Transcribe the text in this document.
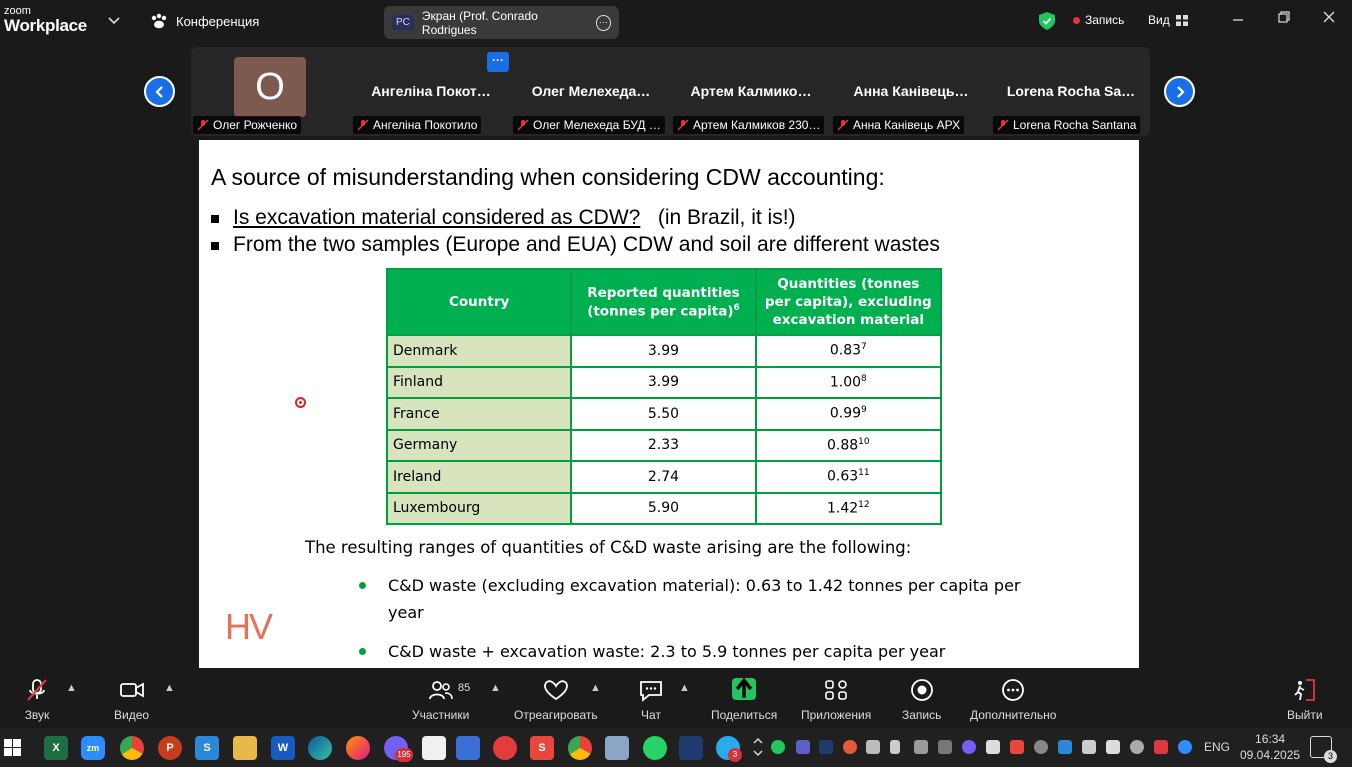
zoom
Workplace	Конференция	PC	Экран (Prof. Conrado Rodrigues
···	Запись Вид
···
О
Олег Рожченко
Ангеліна Покот…
Ангеліна Покотило
Олег Мелехеда…
Олег Мелехеда БУД …
Артем Калмико…
Артем Калмиков 230…
Анна Канівець…
Анна Канівець АРХ
Lorena Rocha Sa…
Lorena Rocha Santana
A source of misunderstanding when considering CDW accounting:
Is excavation material considered as CDW? (in Brazil, it is!)
From the two samples (Europe and EUA) CDW and soil are different wastes
Country	Reported quantities (tonnes per capita)$^6$	Quantities (tonnes per capita), excluding excavation material
Denmark	3.99	0.83$^7$
Finland	3.99	1.00$^8$
France	5.50	0.99$^9$
Germany	2.33	0.88$^{10}$
Ireland	2.74	0.63$^{11}$
Luxembourg	5.90	1.42$^{12}$
The resulting ranges of quantities of C&D waste arising are the following:
C&D waste (excluding excavation material): 0.63 to 1.42 tonnes per capita per year
C&D waste + excavation waste: 2.3 to 5.9 tonnes per capita per year
HV
Звук
▲
Видео
▲
Участники
85 ▲
Отреагировать
▲
Чат
▲
Поделиться Приложения	Запись Дополнительно	Выйти
X	zm	P	S	W
195
S
3
ENG
16:34
09.04.2025	3
